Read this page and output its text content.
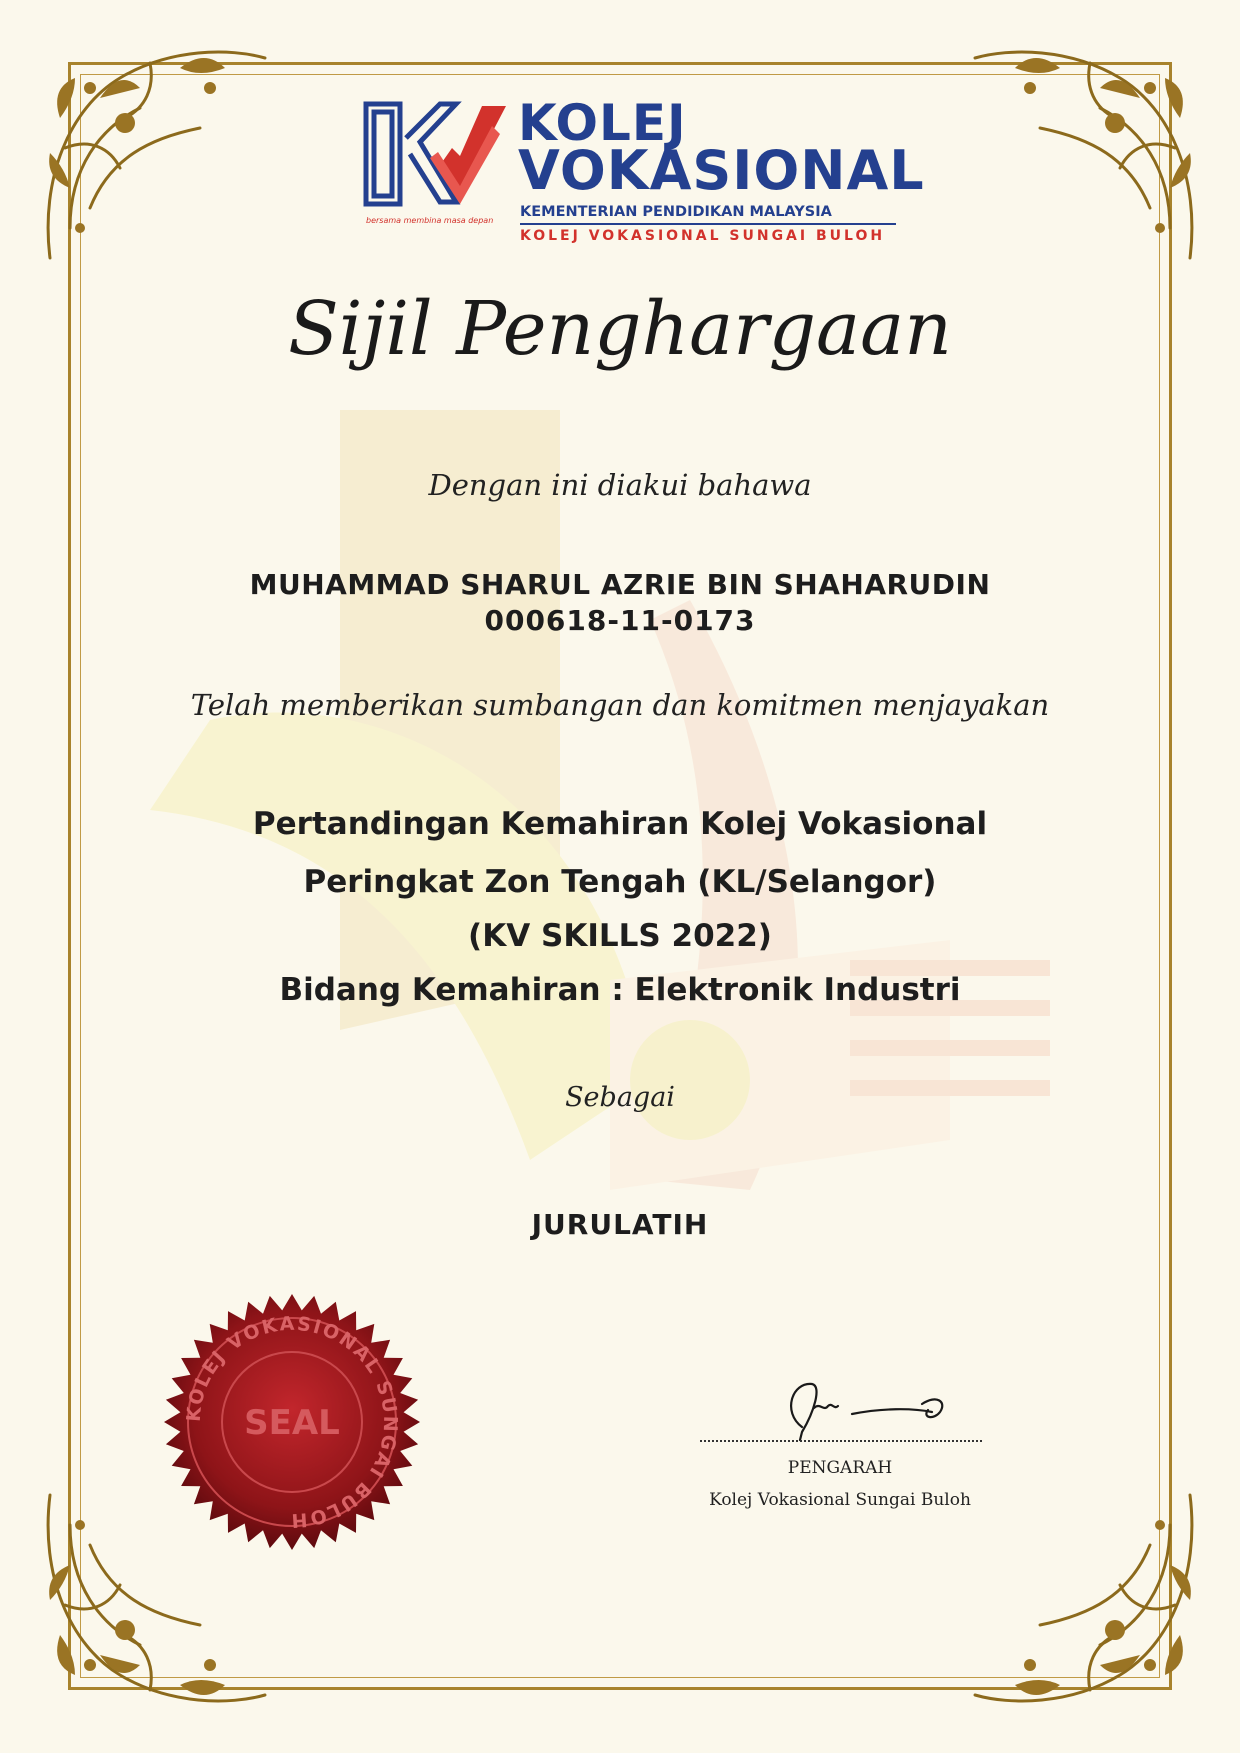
bersama membina masa depan
KOLEJ
VOKASIONAL
KEMENTERIAN PENDIDIKAN MALAYSIA
KOLEJ VOKASIONAL SUNGAI BULOH
Sijil Penghargaan
Dengan ini diakui bahawa
MUHAMMAD SHARUL AZRIE BIN SHAHARUDIN
000618-11-0173
Telah memberikan sumbangan dan komitmen menjayakan
Pertandingan Kemahiran Kolej Vokasional
Peringkat Zon Tengah (KL/Selangor)
(KV SKILLS 2022)
Bidang Kemahiran : Elektronik Industri
Sebagai
JURULATIH
KOLEJ VOKASIONAL SUNGAI BULOH
SEAL
PENGARAH
Kolej Vokasional Sungai Buloh
